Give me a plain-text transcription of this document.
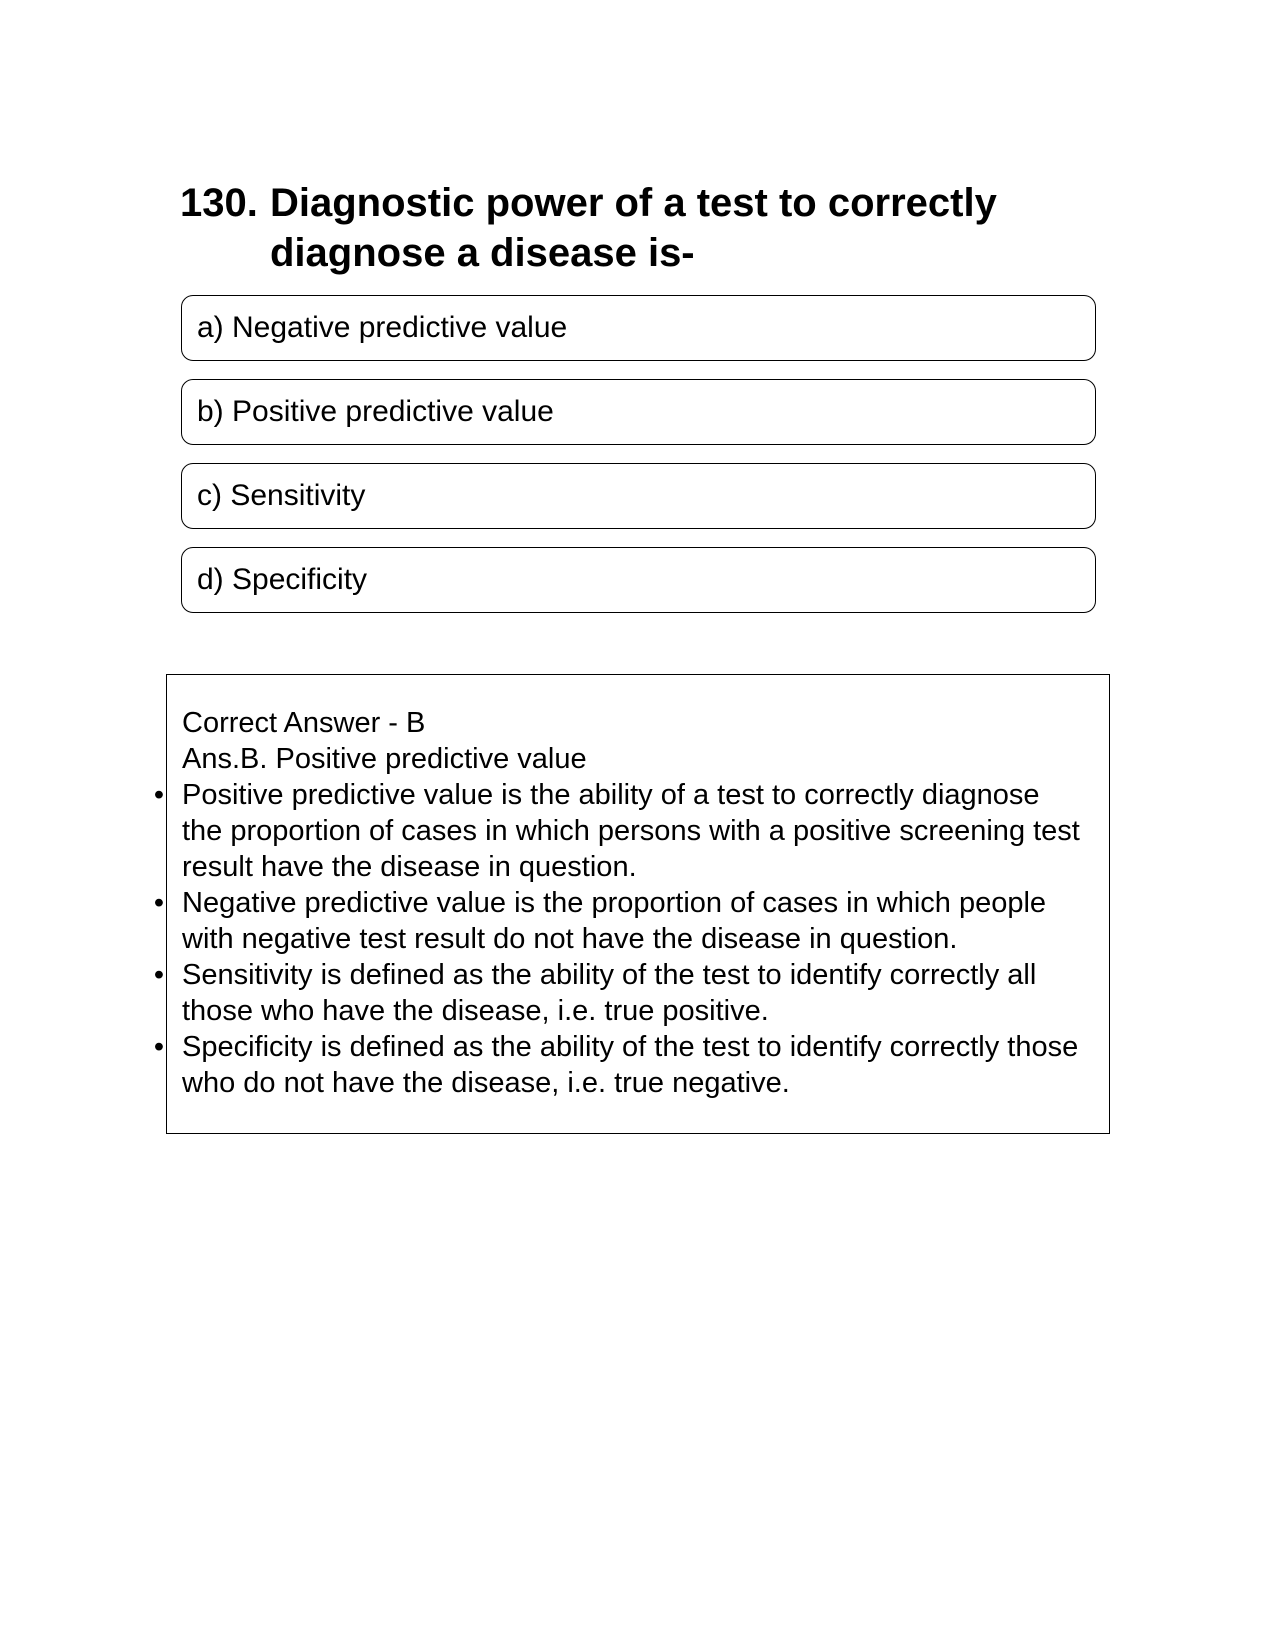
130. Diagnostic power of a test to correctly diagnose a disease is-
a) Negative predictive value
b) Positive predictive value
c) Sensitivity
d) Specificity

Correct Answer - B

Ans.B. Positive predictive value

• Positive predictive value is the ability of a test to correctly diagnose the proportion of cases in which persons with a positive screening test result have the disease in question.
• Negative predictive value is the proportion of cases in which people with negative test result do not have the disease in question.
• Sensitivity is defined as the ability of the test to identify correctly all those who have the disease, i.e. true positive.
• Specificity is defined as the ability of the test to identify correctly those who do not have the disease, i.e. true negative.
